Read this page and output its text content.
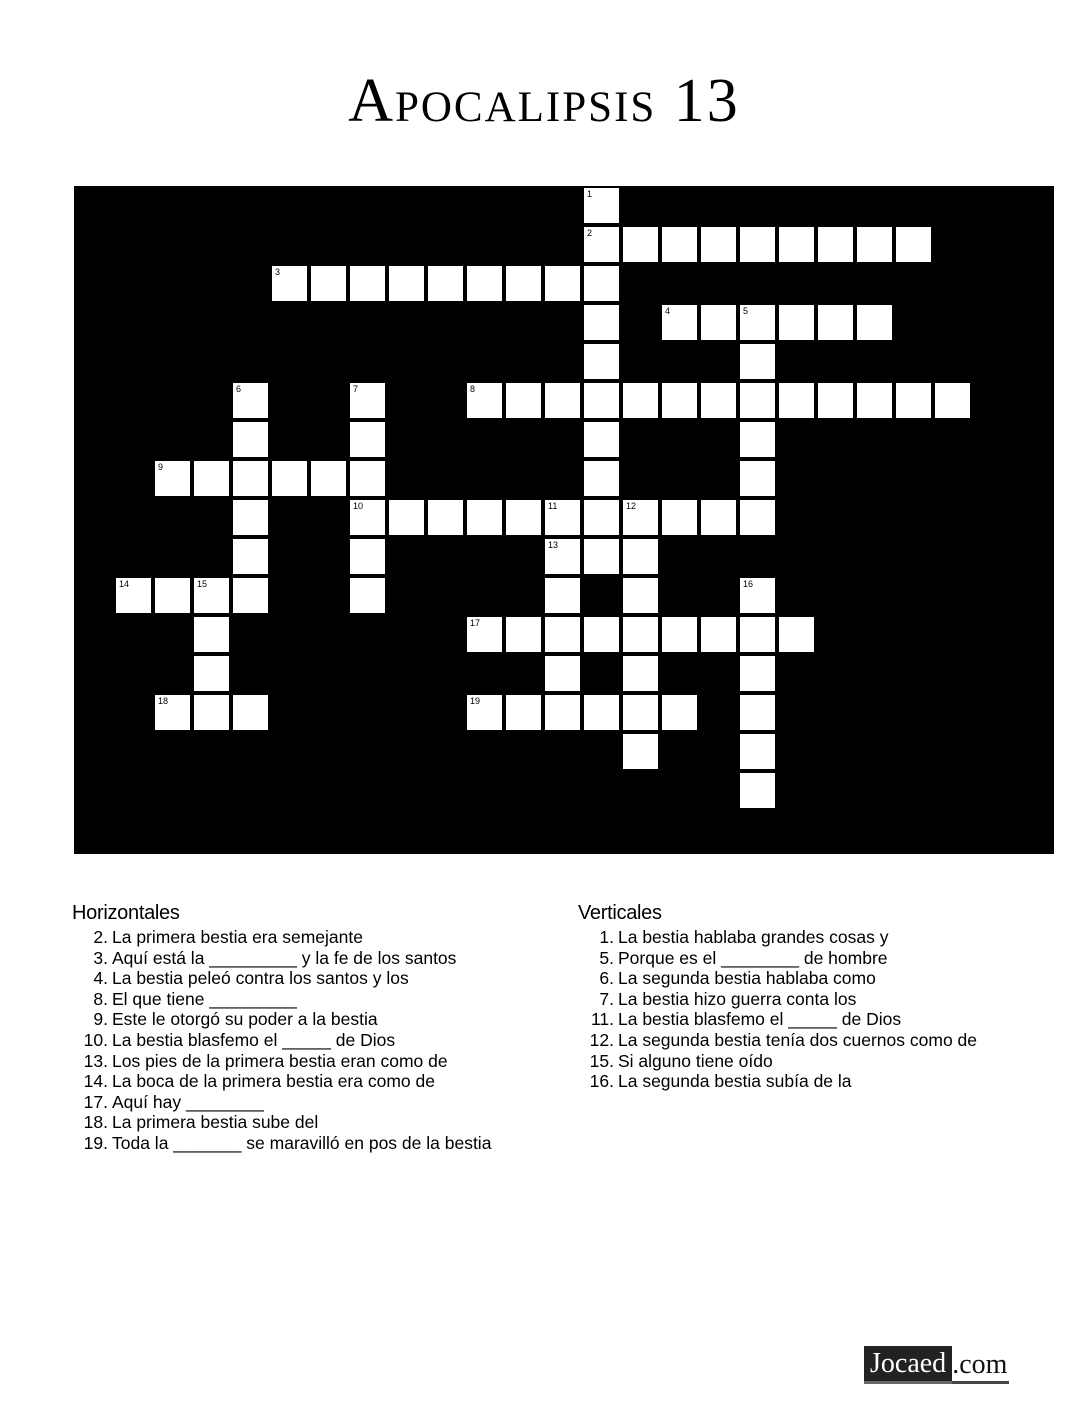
Apocalipsis 13
1
2
3
4	5
6	7	8
9
10	11	12
13
14	15	16
17
18	19
Horizontales
2. La primera bestia era semejante
3. Aquí está la _________ y la fe de los santos
4. La bestia peleó contra los santos y los
8. El que tiene _________
9. Este le otorgó su poder a la bestia
10. La bestia blasfemo el _____ de Dios
13. Los pies de la primera bestia eran como de
14. La boca de la primera bestia era como de
17. Aquí hay ________
18. La primera bestia sube del
19. Toda la _______ se maravilló en pos de la bestia
Verticales
1. La bestia hablaba grandes cosas y
5. Porque es el ________ de hombre
6. La segunda bestia hablaba como
7. La bestia hizo guerra conta los
11. La bestia blasfemo el _____ de Dios
12. La segunda bestia tenía dos cuernos como de
15. Si alguno tiene oído
16. La segunda bestia subía de la
Jocaed .com
